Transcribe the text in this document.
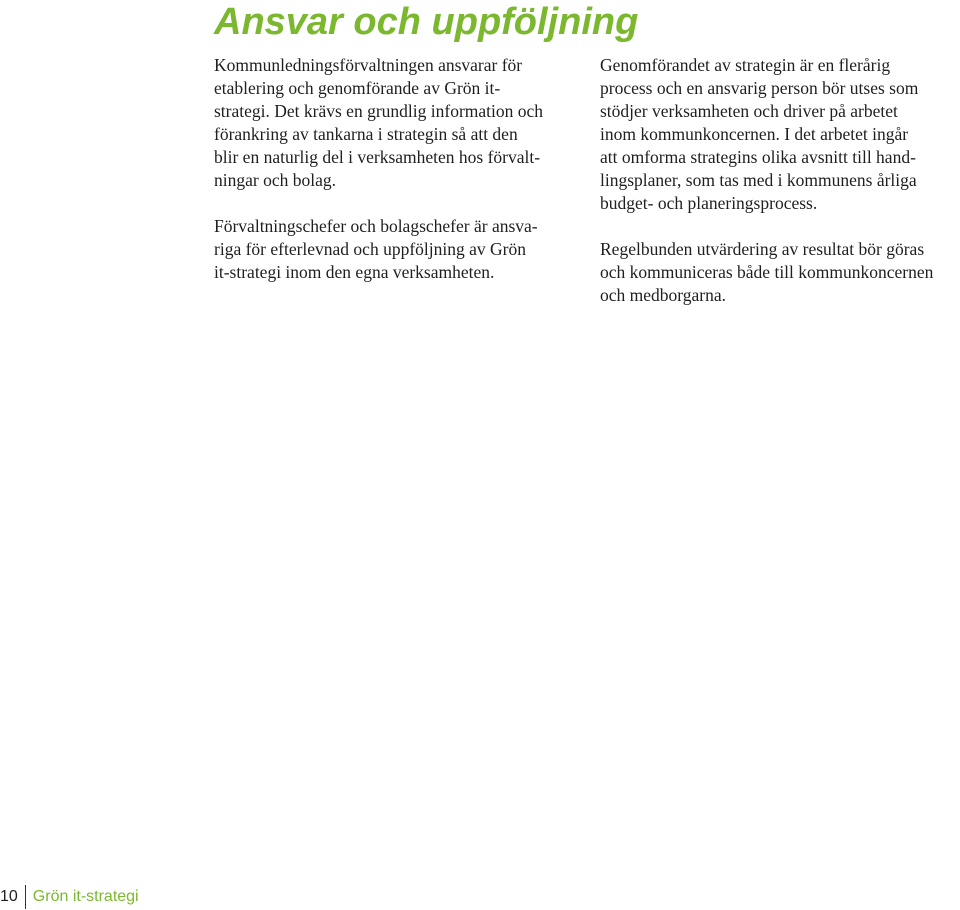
Ansvar och uppföljning

Kommunledningsförvaltningen ansvarar för
etablering och genomförande av Grön it-
strategi. Det krävs en grundlig information och
förankring av tankarna i strategin så att den
blir en naturlig del i verksamheten hos förvalt-
ningar och bolag.

Förvaltningschefer och bolagschefer är ansva-
riga för efterlevnad och uppföljning av Grön
it-strategi inom den egna verksamheten.

Genomförandet av strategin är en flerårig
process och en ansvarig person bör utses som
stödjer verksamheten och driver på arbetet
inom kommunkoncernen. I det arbetet ingår
att omforma strategins olika avsnitt till hand-
lingsplaner, som tas med i kommunens årliga
budget- och planeringsprocess.

Regelbunden utvärdering av resultat bör göras
och kommuniceras både till kommunkoncernen
och medborgarna.

10 Grön it-strategi
